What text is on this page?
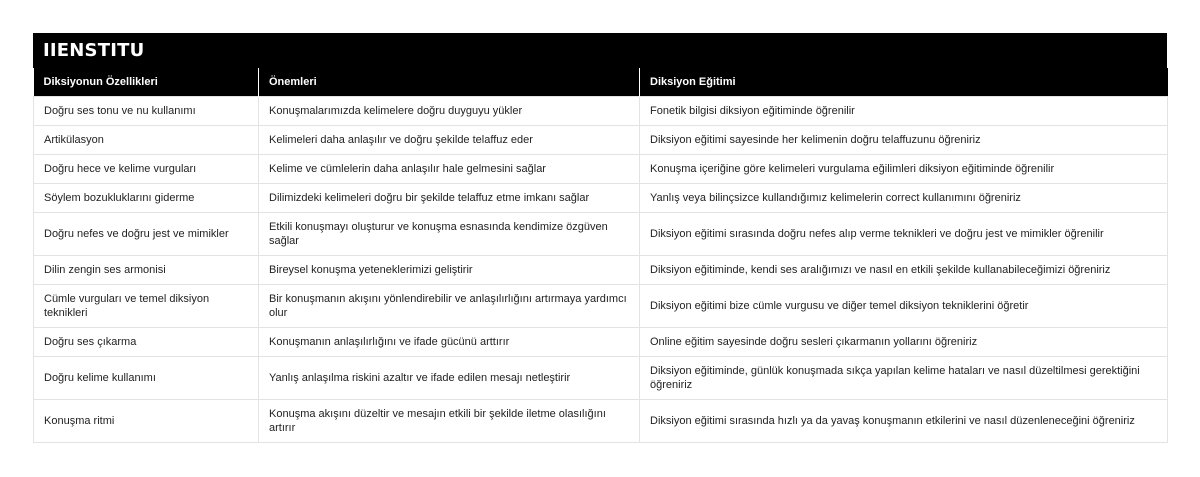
IIENSTITU
Diksiyonun Özellikleri	Önemleri	Diksiyon Eğitimi
Doğru ses tonu ve nu kullanımı	Konuşmalarımızda kelimelere doğru duyguyu yükler	Fonetik bilgisi diksiyon eğitiminde öğrenilir
Artikülasyon	Kelimeleri daha anlaşılır ve doğru şekilde telaffuz eder	Diksiyon eğitimi sayesinde her kelimenin doğru telaffuzunu öğreniriz
Doğru hece ve kelime vurguları	Kelime ve cümlelerin daha anlaşılır hale gelmesini sağlar	Konuşma içeriğine göre kelimeleri vurgulama eğilimleri diksiyon eğitiminde öğrenilir
Söylem bozukluklarını giderme	Dilimizdeki kelimeleri doğru bir şekilde telaffuz etme imkanı sağlar	Yanlış veya bilinçsizce kullandığımız kelimelerin correct kullanımını öğreniriz
Doğru nefes ve doğru jest ve mimikler	Etkili konuşmayı oluşturur ve konuşma esnasında kendimize özgüven sağlar	Diksiyon eğitimi sırasında doğru nefes alıp verme teknikleri ve doğru jest ve mimikler öğrenilir
Dilin zengin ses armonisi	Bireysel konuşma yeteneklerimizi geliştirir	Diksiyon eğitiminde, kendi ses aralığımızı ve nasıl en etkili şekilde kullanabileceğimizi öğreniriz
Cümle vurguları ve temel diksiyon teknikleri	Bir konuşmanın akışını yönlendirebilir ve anlaşılırlığını artırmaya yardımcı olur	Diksiyon eğitimi bize cümle vurgusu ve diğer temel diksiyon tekniklerini öğretir
Doğru ses çıkarma	Konuşmanın anlaşılırlığını ve ifade gücünü arttırır	Online eğitim sayesinde doğru sesleri çıkarmanın yollarını öğreniriz
Doğru kelime kullanımı	Yanlış anlaşılma riskini azaltır ve ifade edilen mesajı netleştirir	Diksiyon eğitiminde, günlük konuşmada sıkça yapılan kelime hataları ve nasıl düzeltilmesi gerektiğini öğreniriz
Konuşma ritmi	Konuşma akışını düzeltir ve mesajın etkili bir şekilde iletme olasılığını artırır	Diksiyon eğitimi sırasında hızlı ya da yavaş konuşmanın etkilerini ve nasıl düzenleneceğini öğreniriz
